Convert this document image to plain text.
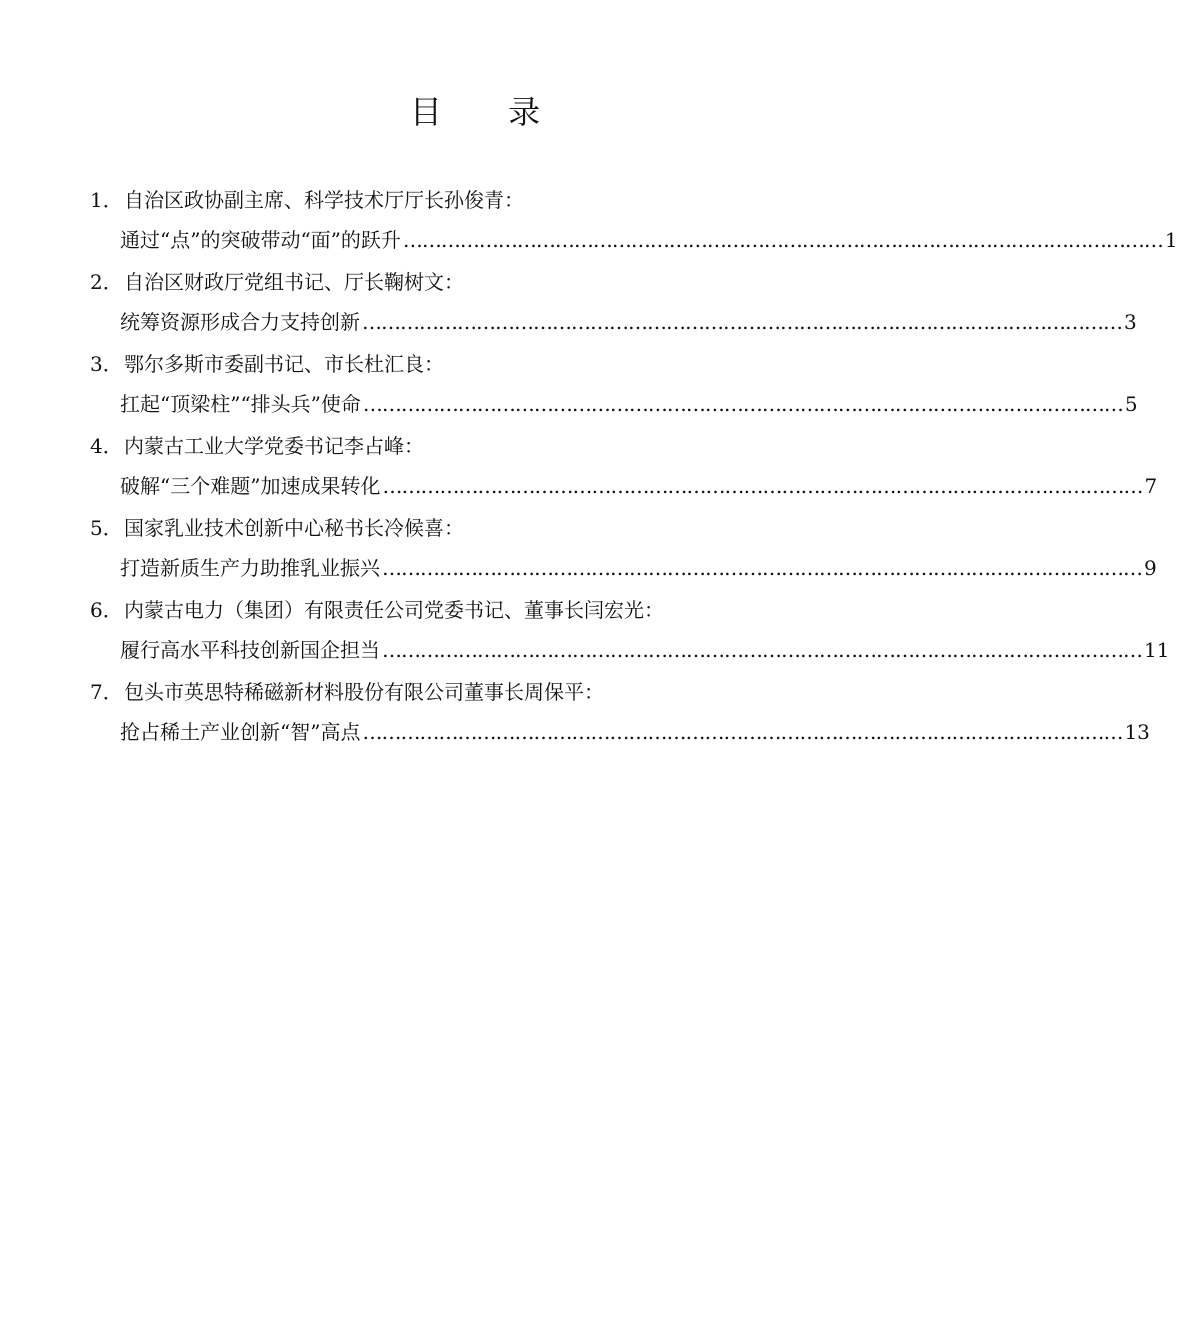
目 录
1．自治区政协副主席、科学技术厅厅长孙俊青：
通过“点”的突破带动“面”的跃升 ………………………………………………………………………………………………………… 1
2．自治区财政厅党组书记、厅长鞠树文：
统筹资源形成合力支持创新 ………………………………………………………………………………………………………… 3
3．鄂尔多斯市委副书记、市长杜汇良：
扛起“顶梁柱”“排头兵”使命 ………………………………………………………………………………………………………… 5
4．内蒙古工业大学党委书记李占峰：
破解“三个难题”加速成果转化 ………………………………………………………………………………………………………… 7
5．国家乳业技术创新中心秘书长冷候喜：
打造新质生产力助推乳业振兴 ………………………………………………………………………………………………………… 9
6．内蒙古电力（集团）有限责任公司党委书记、董事长闫宏光：
履行高水平科技创新国企担当 ………………………………………………………………………………………………………… 11
7．包头市英思特稀磁新材料股份有限公司董事长周保平：
抢占稀土产业创新“智”高点 ………………………………………………………………………………………………………… 13
